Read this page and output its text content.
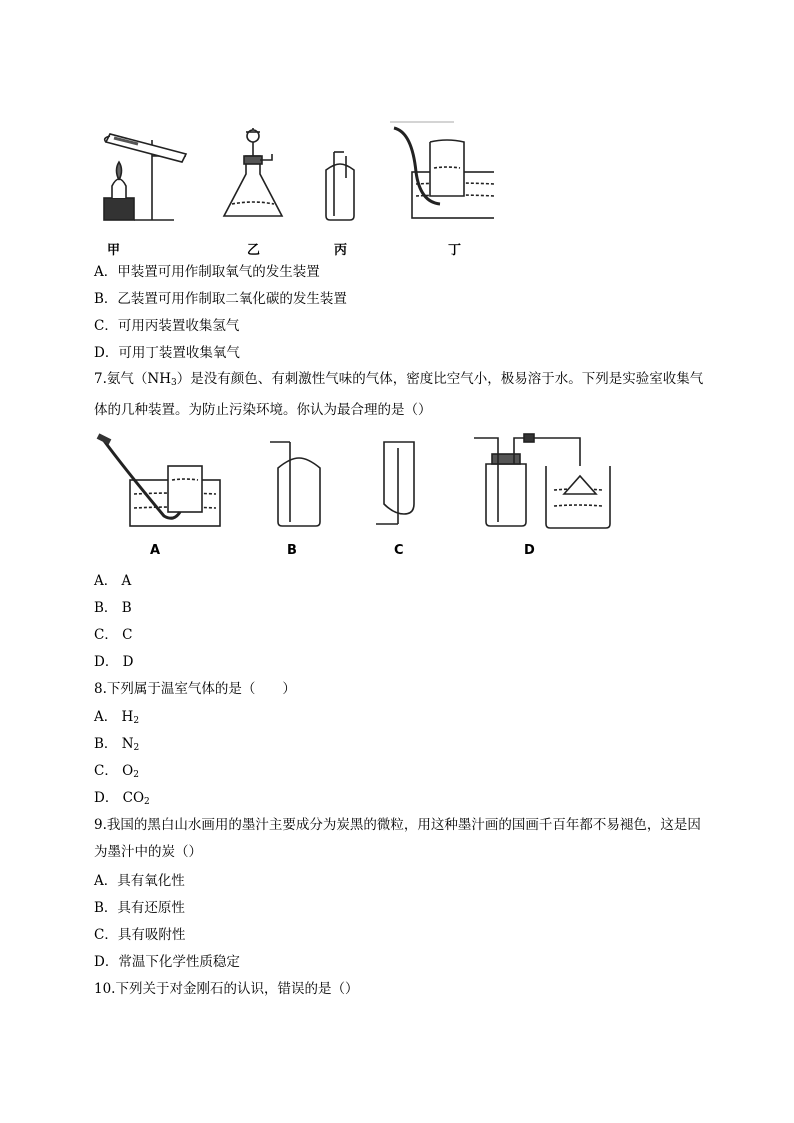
甲	乙	丙	丁
A．甲装置可用作制取氧气的发生装置
B．乙装置可用作制取二氧化碳的发生装置
C．可用丙装置收集氢气
D．可用丁装置收集氧气
7.氨气$(NH_3)$是没有颜色、有刺激性气味的气体，密度比空气小，极易溶于水。下列是实验室收集气体的几种装置。为防止污染环境。你认为最合理的是（）
A	B	C	D
A． A
B． B
C． C
D． D
8.下列属于温室气体的是（　　）
A． $H_2$
B． $N_2$
C． $O_2$
D． $CO_2$
9.我国的黑白山水画用的墨汁主要成分为炭黑的微粒，用这种墨汁画的国画千百年都不易褪色，这是因为墨汁中的炭（）
A．具有氧化性
B．具有还原性
C．具有吸附性
D．常温下化学性质稳定
10.下列关于对金刚石的认识，错误的是（）
